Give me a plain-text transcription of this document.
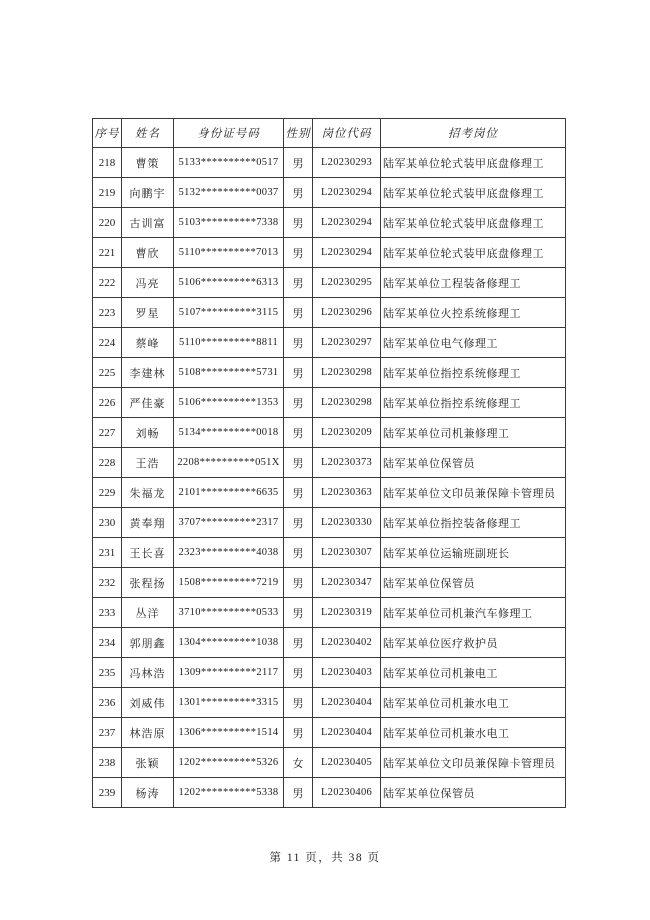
序号	姓名	身份证号码	性别	岗位代码	招考岗位
218	曹策	5133**********0517	男	L20230293	陆军某单位轮式装甲底盘修理工
219	向鹏宇	5132**********0037	男	L20230294	陆军某单位轮式装甲底盘修理工
220	古训富	5103**********7338	男	L20230294	陆军某单位轮式装甲底盘修理工
221	曹欣	5110**********7013	男	L20230294	陆军某单位轮式装甲底盘修理工
222	冯亮	5106**********6313	男	L20230295	陆军某单位工程装备修理工
223	罗星	5107**********3115	男	L20230296	陆军某单位火控系统修理工
224	蔡峰	5110**********8811	男	L20230297	陆军某单位电气修理工
225	李建林	5108**********5731	男	L20230298	陆军某单位指控系统修理工
226	严佳豪	5106**********1353	男	L20230298	陆军某单位指控系统修理工
227	刘畅	5134**********0018	男	L20230209	陆军某单位司机兼修理工
228	王浩	2208**********051X	男	L20230373	陆军某单位保管员
229	朱福龙	2101**********6635	男	L20230363	陆军某单位文印员兼保障卡管理员
230	黄奉翔	3707**********2317	男	L20230330	陆军某单位指控装备修理工
231	王长喜	2323**********4038	男	L20230307	陆军某单位运输班副班长
232	张程扬	1508**********7219	男	L20230347	陆军某单位保管员
233	丛洋	3710**********0533	男	L20230319	陆军某单位司机兼汽车修理工
234	郭朋鑫	1304**********1038	男	L20230402	陆军某单位医疗救护员
235	冯林浩	1309**********2117	男	L20230403	陆军某单位司机兼电工
236	刘威伟	1301**********3315	男	L20230404	陆军某单位司机兼水电工
237	林浩原	1306**********1514	男	L20230404	陆军某单位司机兼水电工
238	张颖	1202**********5326	女	L20230405	陆军某单位文印员兼保障卡管理员
239	杨涛	1202**********5338	男	L20230406	陆军某单位保管员
第 11 页，共 38 页
